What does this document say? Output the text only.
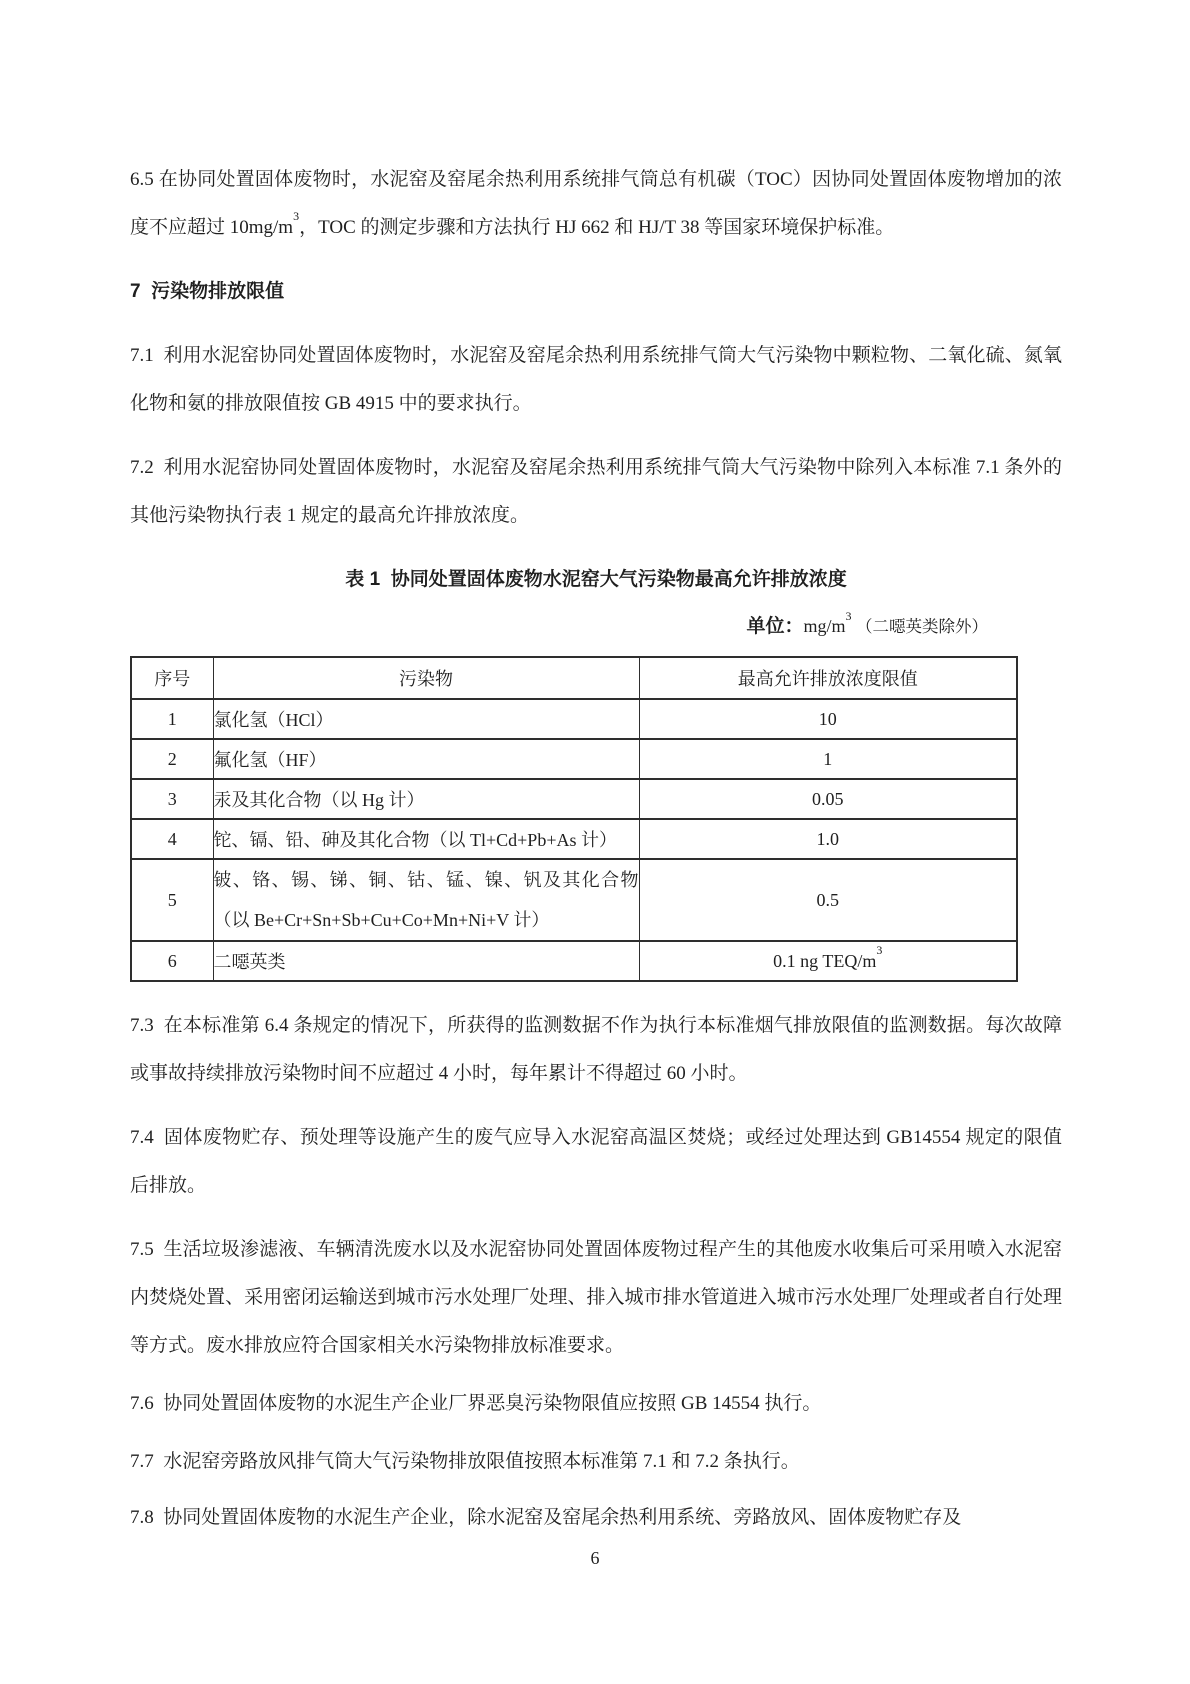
6.5 在协同处置固体废物时，水泥窑及窑尾余热利用系统排气筒总有机碳（TOC）因协同处置固体废物增加的浓度不应超过 $10mg/m^3$，TOC 的测定步骤和方法执行 HJ 662 和 HJ/T 38 等国家环境保护标准。

7  污染物排放限值

7.1  利用水泥窑协同处置固体废物时，水泥窑及窑尾余热利用系统排气筒大气污染物中颗粒物、二氧化硫、氮氧化物和氨的排放限值按 GB 4915 中的要求执行。

7.2  利用水泥窑协同处置固体废物时，水泥窑及窑尾余热利用系统排气筒大气污染物中除列入本标准 7.1 条外的其他污染物执行表 1 规定的最高允许排放浓度。

表 1  协同处置固体废物水泥窑大气污染物最高允许排放浓度
单位：$mg/m^3$ （二噁英类除外）
序号	污染物	最高允许排放浓度限值
1	氯化氢（HCl）	10
2	氟化氢（HF）	1
3	汞及其化合物（以 Hg 计）	0.05
4	铊、镉、铅、砷及其化合物（以 Tl+Cd+Pb+As 计）	1.0
5	铍、铬、锡、锑、铜、钴、锰、镍、钒及其化合物
（以 Be+Cr+Sn+Sb+Cu+Co+Mn+Ni+V 计）	0.5
6	二噁英类	0.1 ng TEQ/$m^3$

7.3  在本标准第 6.4 条规定的情况下，所获得的监测数据不作为执行本标准烟气排放限值的监测数据。每次故障或事故持续排放污染物时间不应超过 4 小时，每年累计不得超过 60 小时。

7.4  固体废物贮存、预处理等设施产生的废气应导入水泥窑高温区焚烧；或经过处理达到 GB14554 规定的限值后排放。

7.5  生活垃圾渗滤液、车辆清洗废水以及水泥窑协同处置固体废物过程产生的其他废水收集后可采用喷入水泥窑内焚烧处置、采用密闭运输送到城市污水处理厂处理、排入城市排水管道进入城市污水处理厂处理或者自行处理等方式。废水排放应符合国家相关水污染物排放标准要求。

7.6  协同处置固体废物的水泥生产企业厂界恶臭污染物限值应按照 GB 14554 执行。

7.7  水泥窑旁路放风排气筒大气污染物排放限值按照本标准第 7.1 和 7.2 条执行。

7.8  协同处置固体废物的水泥生产企业，除水泥窑及窑尾余热利用系统、旁路放风、固体废物贮存及

6
